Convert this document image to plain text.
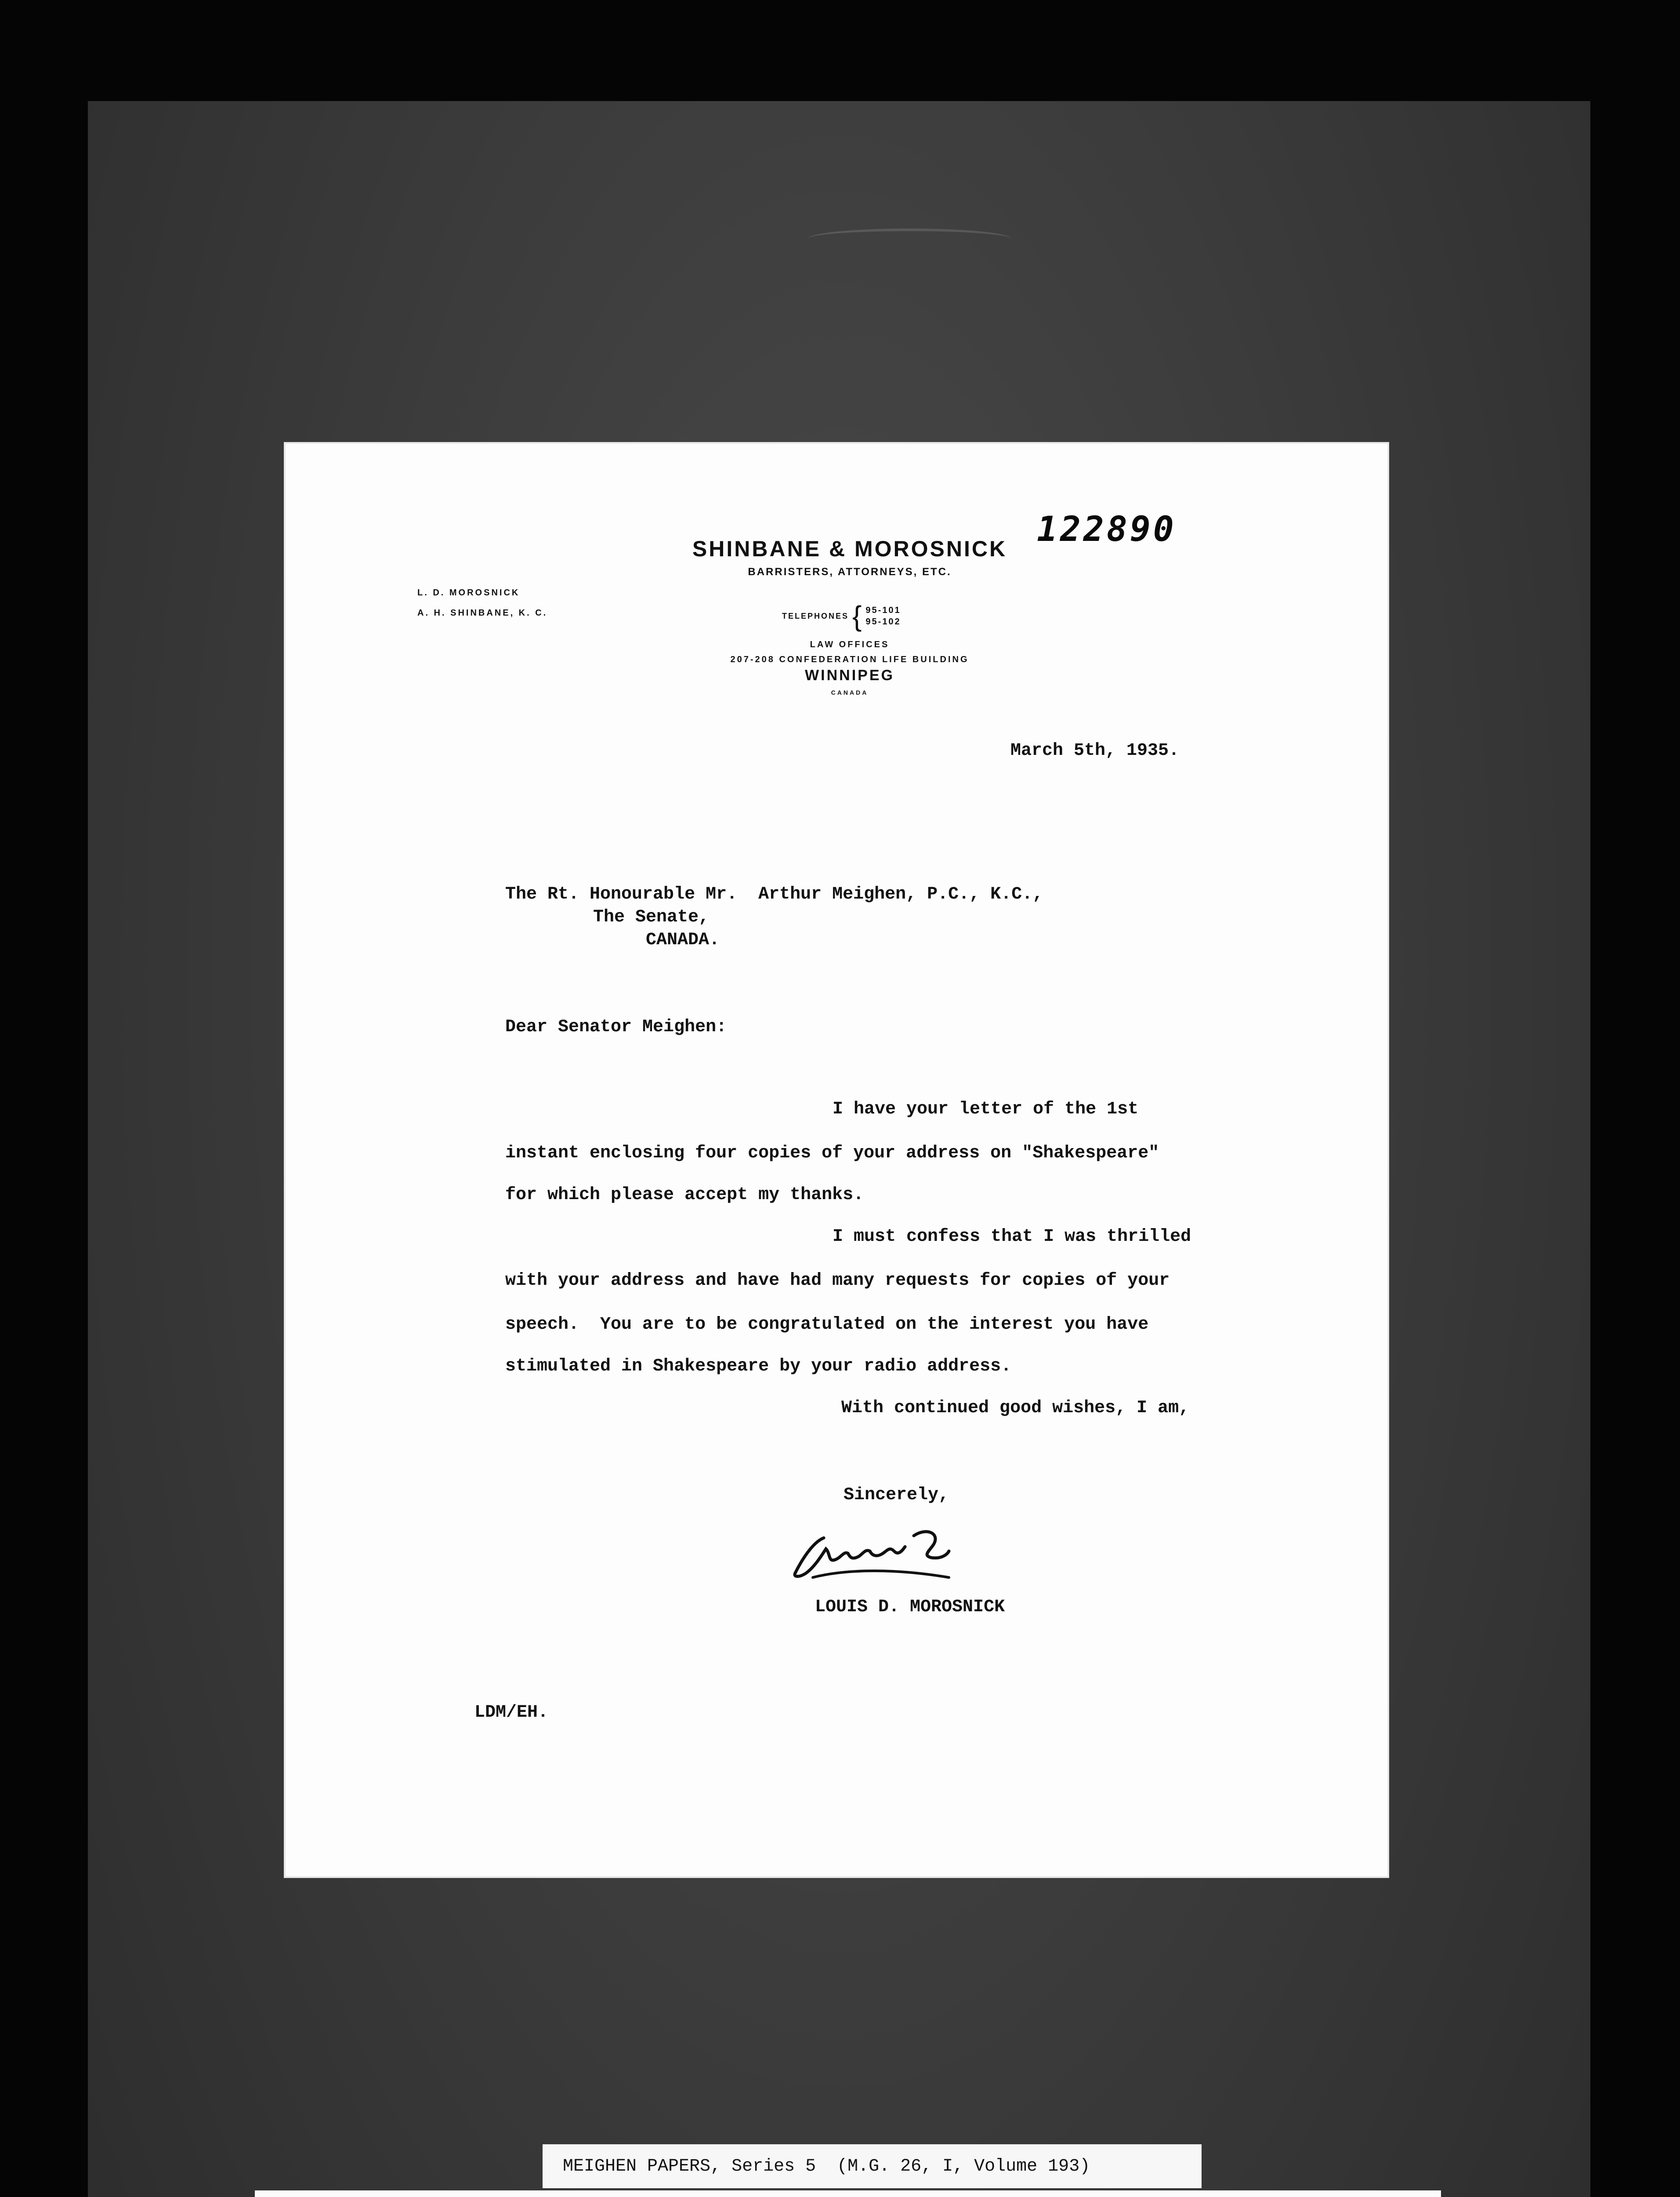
122890
SHINBANE & MOROSNICK
BARRISTERS, ATTORNEYS, ETC.
L. D. MOROSNICK
A. H. SHINBANE, K. C.	TELEPHONES { 95-101
95-102
LAW OFFICES
207-208 CONFEDERATION LIFE BUILDING
WINNIPEG
CANADA
March 5th, 1935.
The Rt. Honourable Mr.  Arthur Meighen, P.C., K.C.,
The Senate,
CANADA.
Dear Senator Meighen:

I have your letter of the 1st

instant enclosing four copies of your address on "Shakespeare"

for which please accept my thanks.

I must confess that I was thrilled

with your address and have had many requests for copies of your

speech.  You are to be congratulated on the interest you have

stimulated in Shakespeare by your radio address.

With continued good wishes, I am,

Sincerely,
LOUIS D. MOROSNICK
LDM/EH.
MEIGHEN PAPERS, Series 5  (M.G. 26, I, Volume 193)
